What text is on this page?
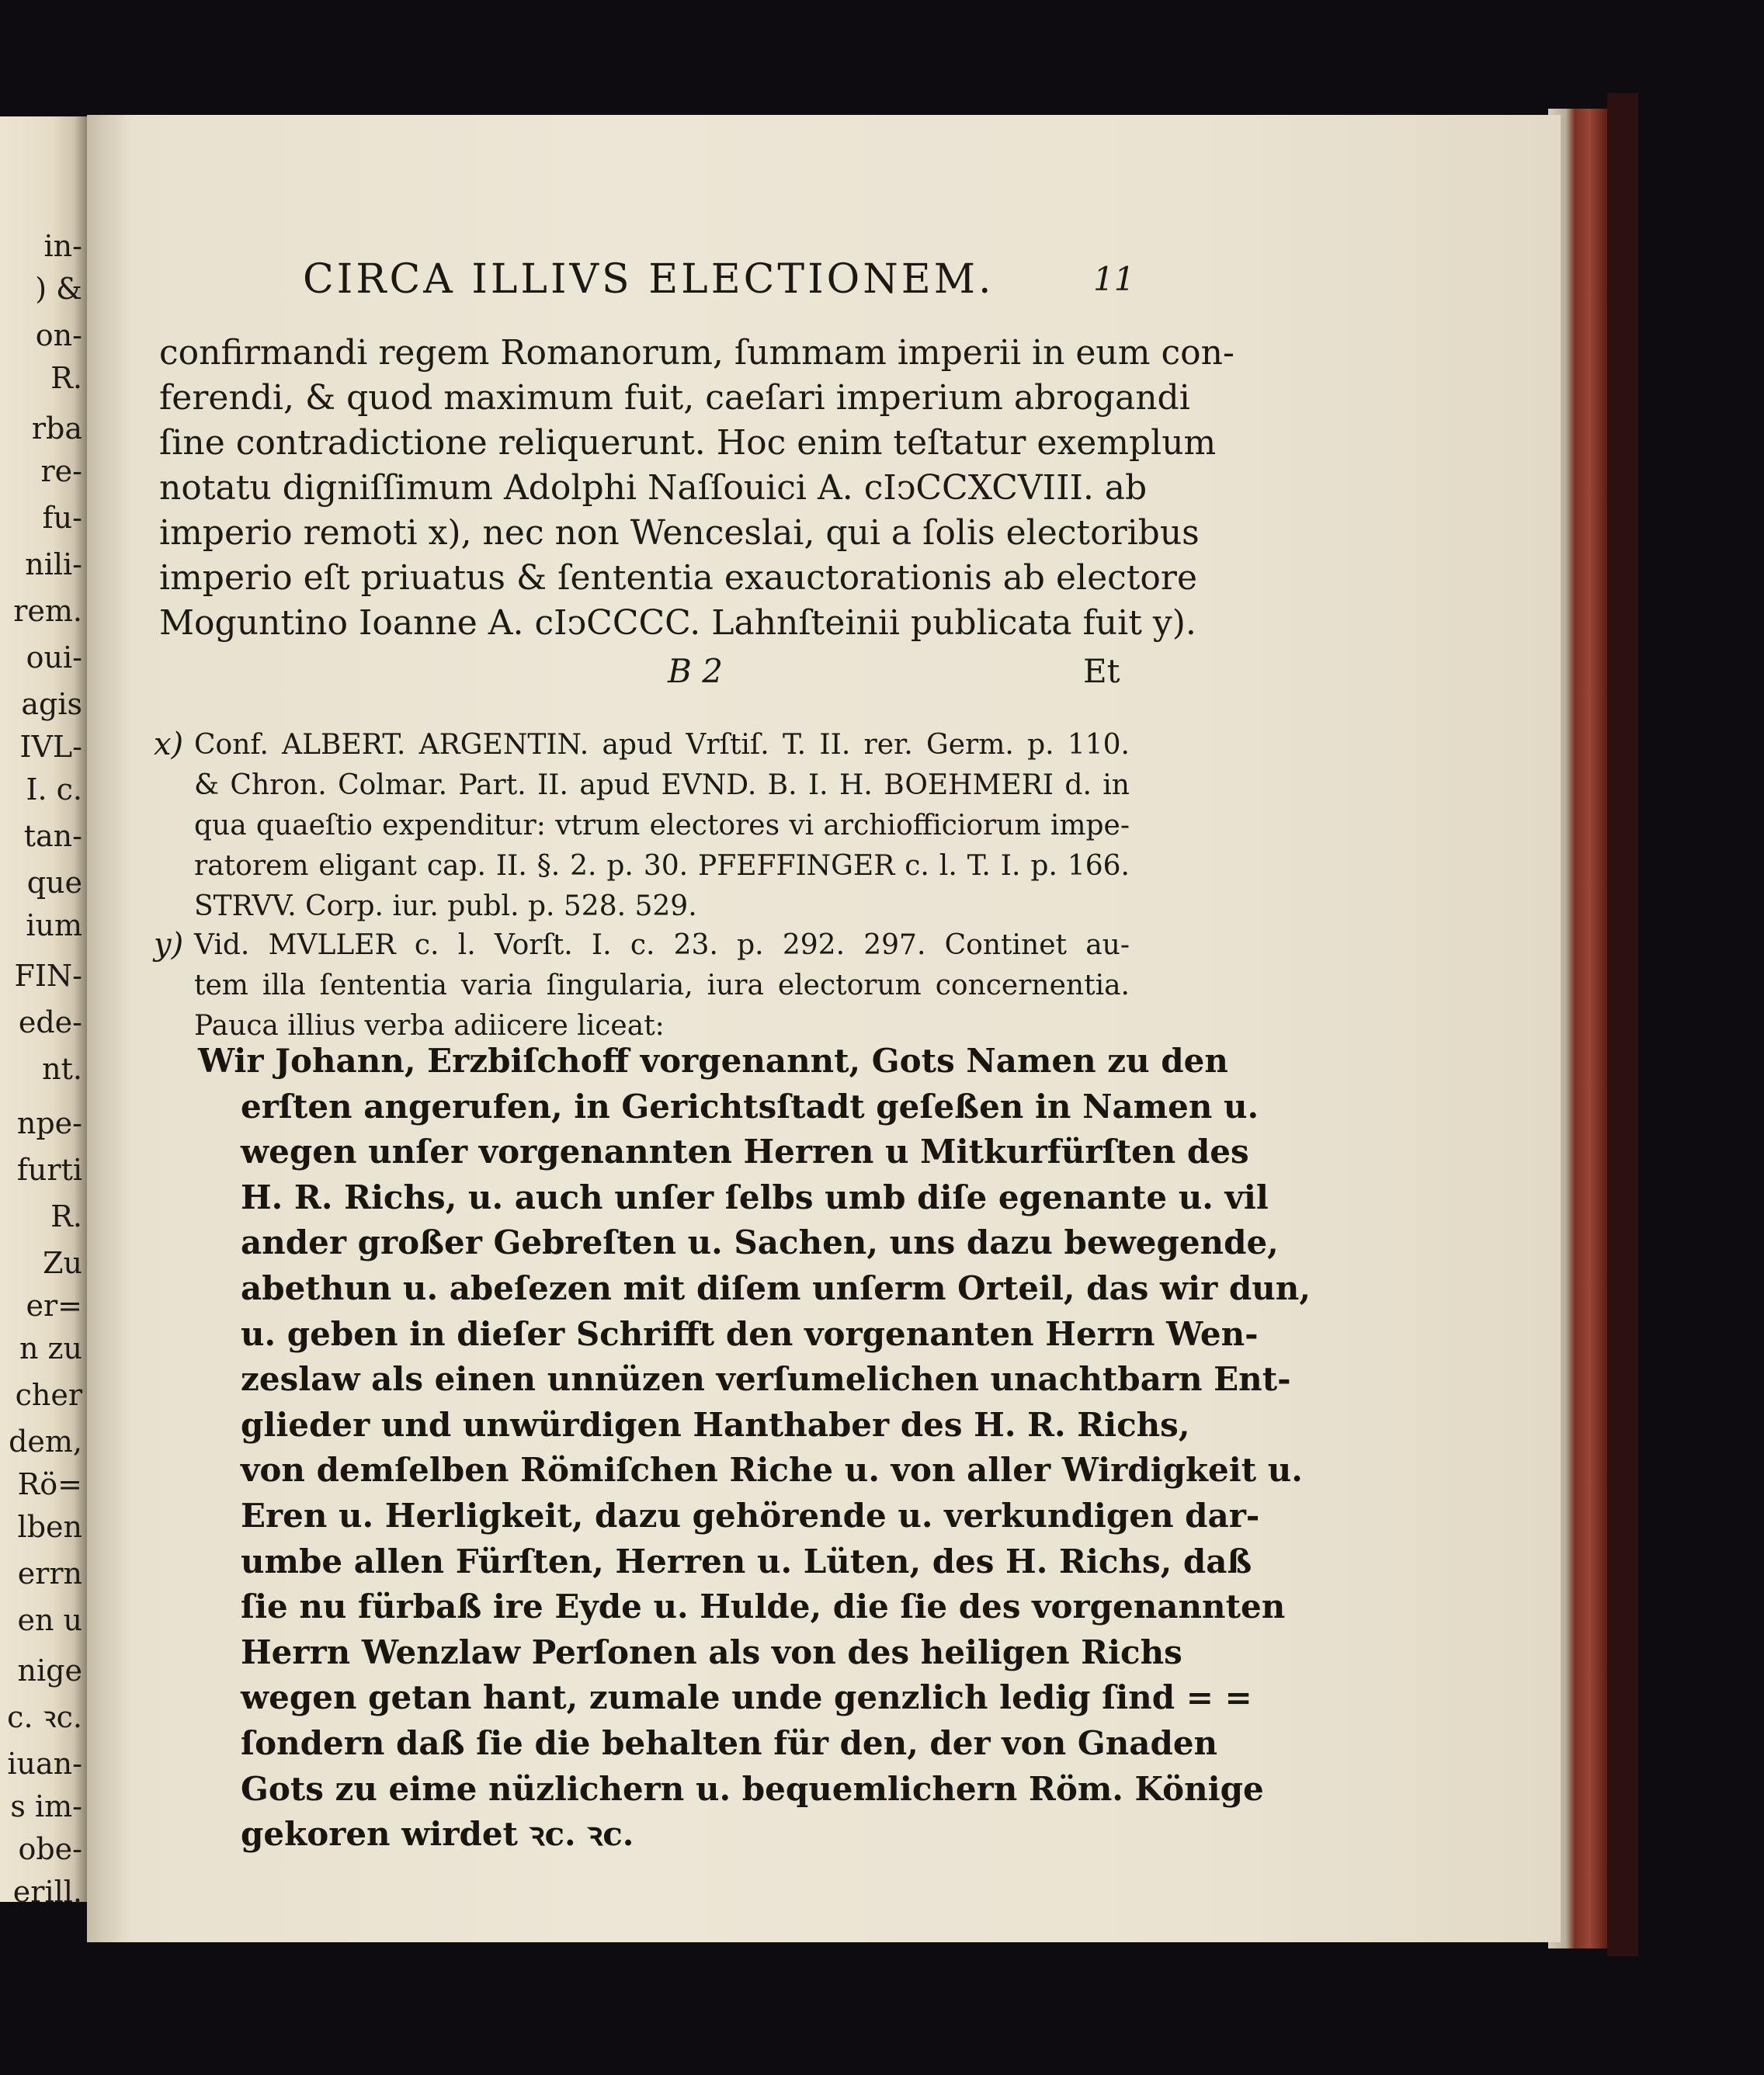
in-
) &
on-
R.
rba
re-
fu-
nili-
rem.
oui-
agis
IVL-
I. c.
tan-
que
ium
FIN-
ede-
nt.
npe-
furti
R.
Zu
er=
n zu
cher
dem,
Rö=
lben
errn
en u
nige
c. ꝛc.
iuan-
s im-
obe-
erill.
CIRCA ILLIVS ELECTIONEM.	11
confirmandi regem Romanorum, ſummam imperii in eum con-
ferendi, & quod maximum fuit, caeſari imperium abrogandi
ſine contradictione reliquerunt. Hoc enim teſtatur exemplum
notatu digniſſimum Adolphi Naſſouici A. cIↄCCXCVIII. ab
imperio remoti x), nec non Wenceslai, qui a ſolis electoribus
imperio eſt priuatus & ſententia exauctorationis ab electore
Moguntino Ioanne A. cIↄCCCC. Lahnſteinii publicata fuit y).
B 2	Et
x) Conf. ALBERT. ARGENTIN. apud Vrſtiſ. T. II. rer. Germ. p. 110.
& Chron. Colmar. Part. II. apud EVND. B. I. H. BOEHMERI d. in
qua quaeſtio expenditur: vtrum electores vi archiofficiorum impe-
ratorem eligant cap. II. §. 2. p. 30. PFEFFINGER c. l. T. I. p. 166.
STRVV. Corp. iur. publ. p. 528. 529.
y) Vid. MVLLER c. l. Vorſt. I. c. 23. p. 292. 297. Continet au-
tem illa ſententia varia ſingularia, iura electorum concernentia.
Pauca illius verba adiicere liceat:
Wir Johann, Erzbiſchoff vorgenannt, Gots Namen zu den
erſten angerufen, in Gerichtsſtadt geſeßen in Namen u.
wegen unſer vorgenannten Herren u Mitkurfürſten des
H. R. Richs, u. auch unſer ſelbs umb diſe egenante u. vil
ander großer Gebreſten u. Sachen, uns dazu bewegende,
abethun u. abeſezen mit diſem unſerm Orteil, das wir dun,
u. geben in dieſer Schrifft den vorgenanten Herrn Wen-
zeslaw als einen unnüzen verſumelichen unachtbarn Ent-
glieder und unwürdigen Hanthaber des H. R. Richs,
von demſelben Römiſchen Riche u. von aller Wirdigkeit u.
Eren u. Herligkeit, dazu gehörende u. verkundigen dar-
umbe allen Fürſten, Herren u. Lüten, des H. Richs, daß
ſie nu fürbaß ire Eyde u. Hulde, die ſie des vorgenannten
Herrn Wenzlaw Perſonen als von des heiligen Richs
wegen getan hant, zumale unde genzlich ledig ſind = =
ſondern daß ſie die behalten für den, der von Gnaden
Gots zu eime nüzlichern u. bequemlichern Röm. Könige
gekoren wirdet ꝛc. ꝛc.
